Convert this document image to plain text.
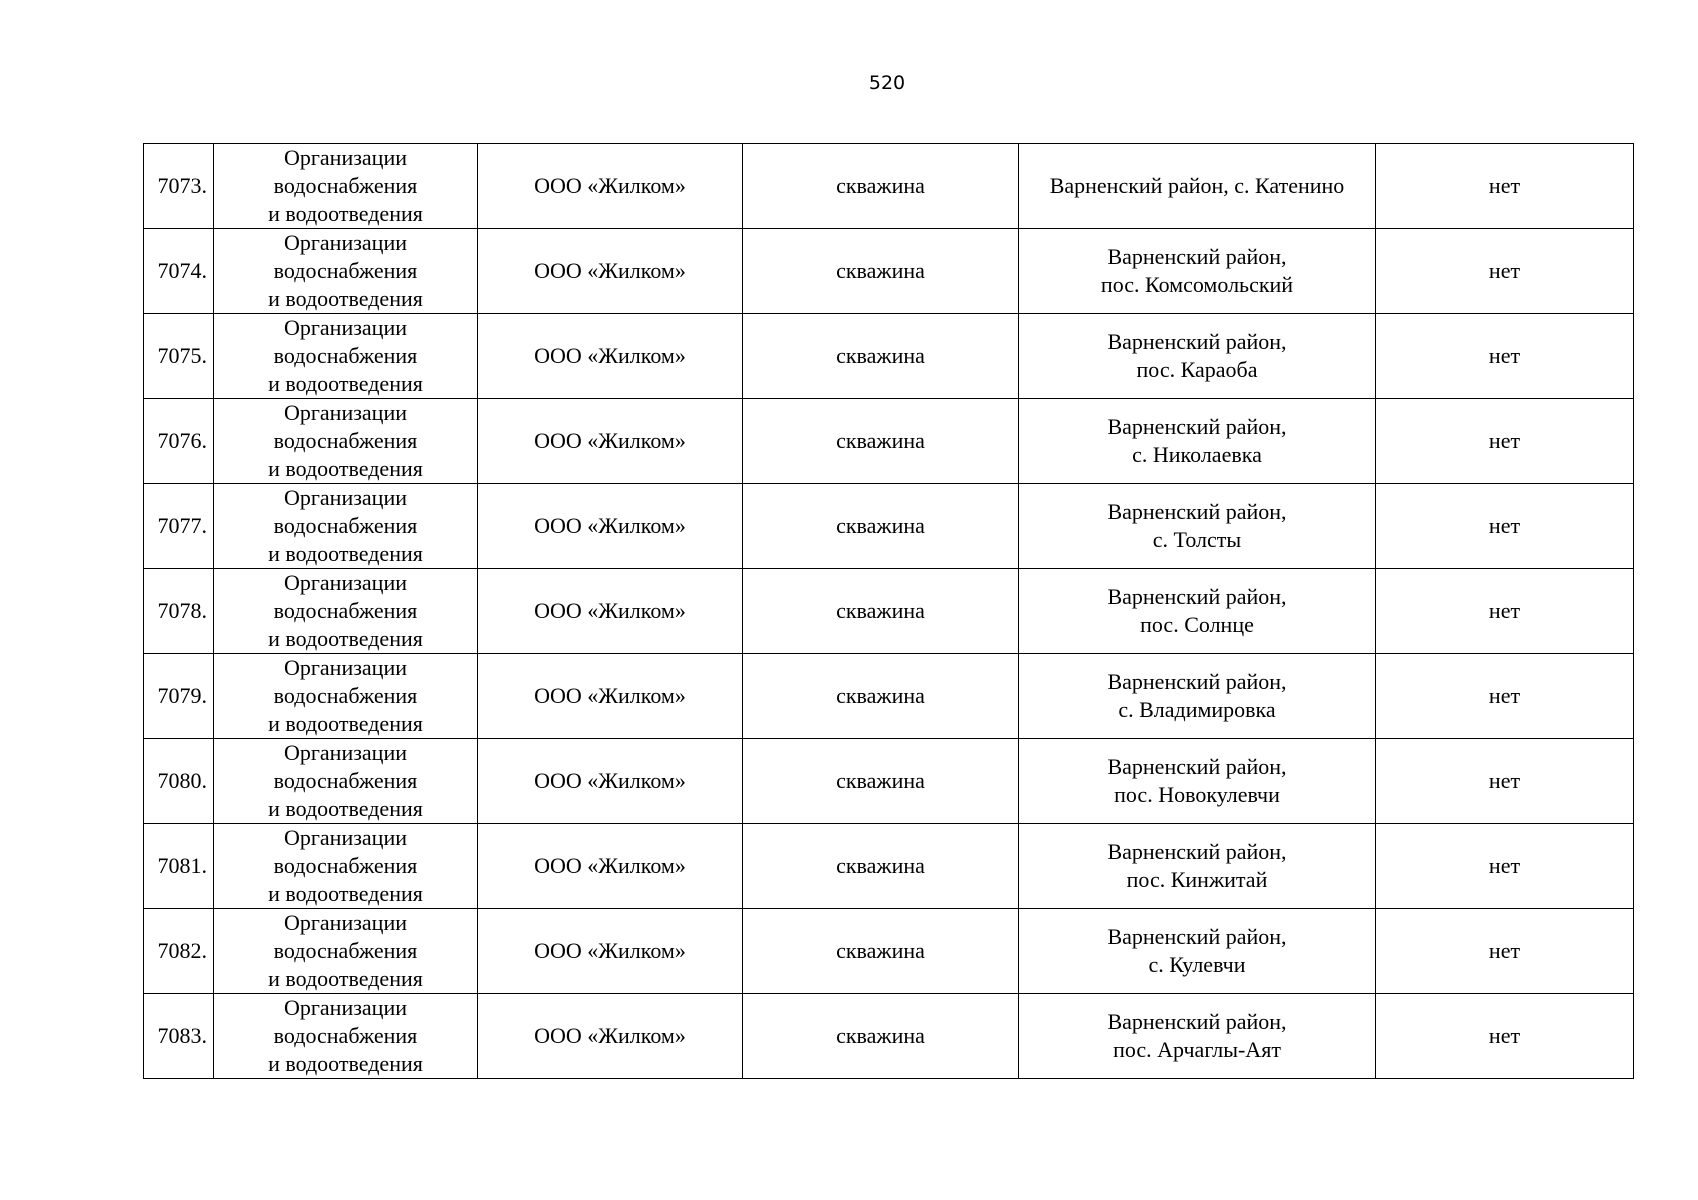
520
7073.	Организации
водоснабжения
и водоотведения	ООО «Жилком»	скважина	Варненский район, с. Катенино	нет
7074.	Организации
водоснабжения
и водоотведения	ООО «Жилком»	скважина	Варненский район,
пос. Комсомольский	нет
7075.	Организации
водоснабжения
и водоотведения	ООО «Жилком»	скважина	Варненский район,
пос. Караоба	нет
7076.	Организации
водоснабжения
и водоотведения	ООО «Жилком»	скважина	Варненский район,
с. Николаевка	нет
7077.	Организации
водоснабжения
и водоотведения	ООО «Жилком»	скважина	Варненский район,
с. Толсты	нет
7078.	Организации
водоснабжения
и водоотведения	ООО «Жилком»	скважина	Варненский район,
пос. Солнце	нет
7079.	Организации
водоснабжения
и водоотведения	ООО «Жилком»	скважина	Варненский район,
с. Владимировка	нет
7080.	Организации
водоснабжения
и водоотведения	ООО «Жилком»	скважина	Варненский район,
пос. Новокулевчи	нет
7081.	Организации
водоснабжения
и водоотведения	ООО «Жилком»	скважина	Варненский район,
пос. Кинжитай	нет
7082.	Организации
водоснабжения
и водоотведения	ООО «Жилком»	скважина	Варненский район,
с. Кулевчи	нет
7083.	Организации
водоснабжения
и водоотведения	ООО «Жилком»	скважина	Варненский район,
пос. Арчаглы-Аят	нет
